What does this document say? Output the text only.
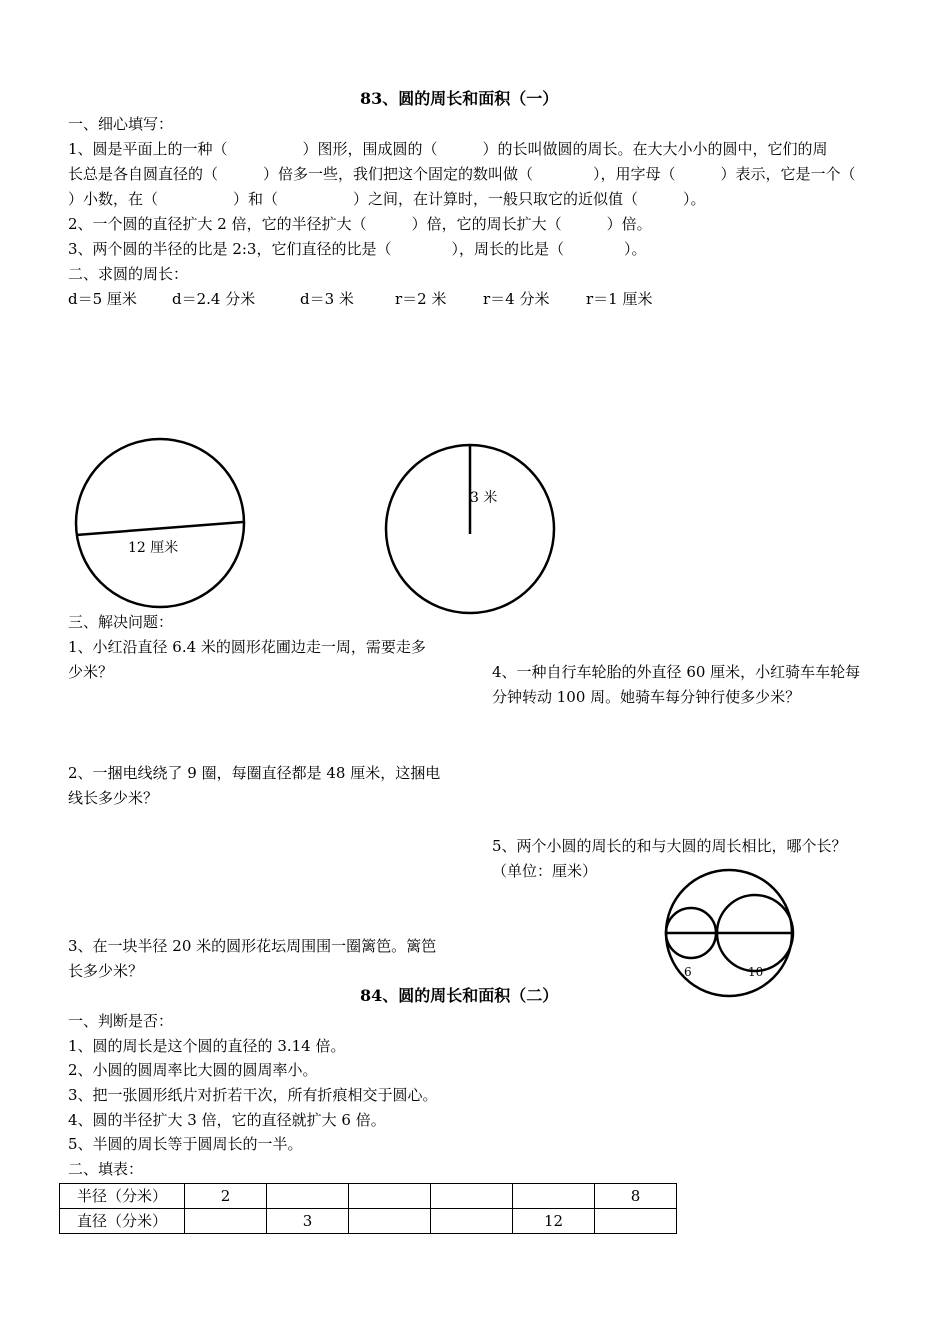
83、圆的周长和面积（一）
一、细心填写：
1、圆是平面上的一种（　　　　　）图形，围成圆的（　　　）的长叫做圆的周长。在大大小小的圆中，它们的周
长总是各自圆直径的（　　　）倍多一些，我们把这个固定的数叫做（　　　　），用字母（　　　）表示，它是一个（
）小数，在（　　　　　）和（　　　　　）之间，在计算时，一般只取它的近似值（　　　）。
2、一个圆的直径扩大 2 倍，它的半径扩大（　　　）倍，它的周长扩大（　　　）倍。
3、两个圆的半径的比是 2:3，它们直径的比是（　　　　），周长的比是（　　　　）。
二、求圆的周长：
d＝5 厘米 d＝2.4 分米	d＝3 米	r＝2 米 r＝4 分米 r＝1 厘米
12 厘米
3 米
6	10
三、解决问题：
1、小红沿直径 6.4 米的圆形花圃边走一周，需要走多
少米？	4、一种自行车轮胎的外直径 60 厘米，小红骑车车轮每
分钟转动 100 周。她骑车每分钟行使多少米？
2、一捆电线绕了 9 圈，每圈直径都是 48 厘米，这捆电
线长多少米？
5、两个小圆的周长的和与大圆的周长相比，哪个长？
（单位：厘米）
3、在一块半径 20 米的圆形花坛周围围一圈篱笆。篱笆
长多少米？
84、圆的周长和面积（二）
一、判断是否：
1、圆的周长是这个圆的直径的 3.14 倍。
2、小圆的圆周率比大圆的圆周率小。
3、把一张圆形纸片对折若干次，所有折痕相交于圆心。
4、圆的半径扩大 3 倍，它的直径就扩大 6 倍。
5、半圆的周长等于圆周长的一半。
二、填表：
半径（分米）	2					8
直径（分米）		3			12	
